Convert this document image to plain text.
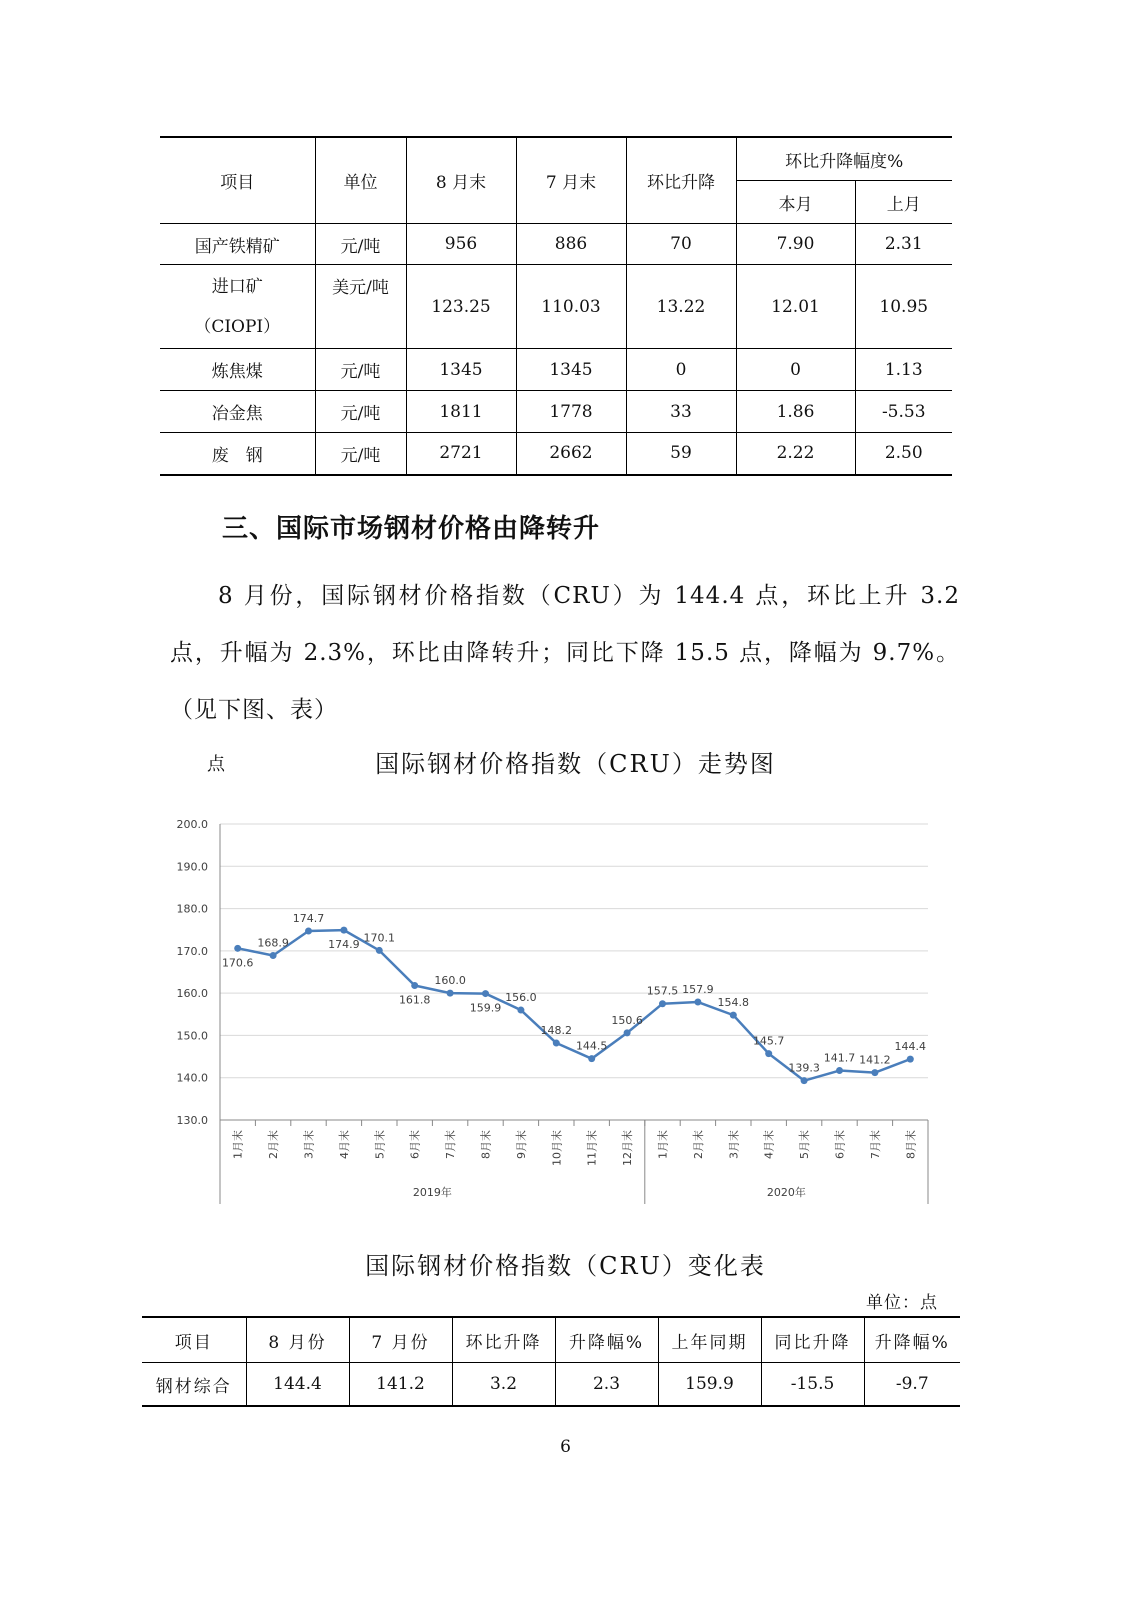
项目	单位	8 月末	7 月末	环比升降	环比升降幅度%	
					本月	上月
国产铁精矿	元/吨	956	886	70	7.90	2.31

进口矿
（CIOPI）	美元/吨	123.25	110.03	13.22	12.01	10.95
炼焦煤	元/吨	1345	1345	0	0	1.13
冶金焦	元/吨	1811	1778	33	1.86	-5.53
废　钢	元/吨	2721	2662	59	2.22	2.50
三、国际市场钢材价格由降转升
8 月份，国际钢材价格指数（CRU）为 144.4 点，环比上升 3.2 点，升幅为 2.3%，环比由降转升；同比下降 15.5 点，降幅为 9.7%。（见下图、表）
点	国际钢材价格指数（CRU）走势图
200.0
190.0
180.0
170.0
160.0
150.0
140.0
130.0
1月末 2月末 3月末 4月末 5月末 6月末 7月末 8月末 9月末 10月末 11月末 12月末 1月末 2月末 3月末 4月末 5月末 6月末 7月末 8月末
2019年	2020年
170.6
168.9
174.7
174.9
170.1
161.8
160.0
159.9
156.0
148.2
144.5
150.6
157.5 157.9
154.8
145.7
139.3
141.7 141.2
144.4
国际钢材价格指数（CRU）变化表
单位：点
项目	8 月份	7 月份	环比升降	升降幅%	上年同期	同比升降	升降幅%
钢材综合	144.4	141.2	3.2	2.3	159.9	-15.5	-9.7
6
